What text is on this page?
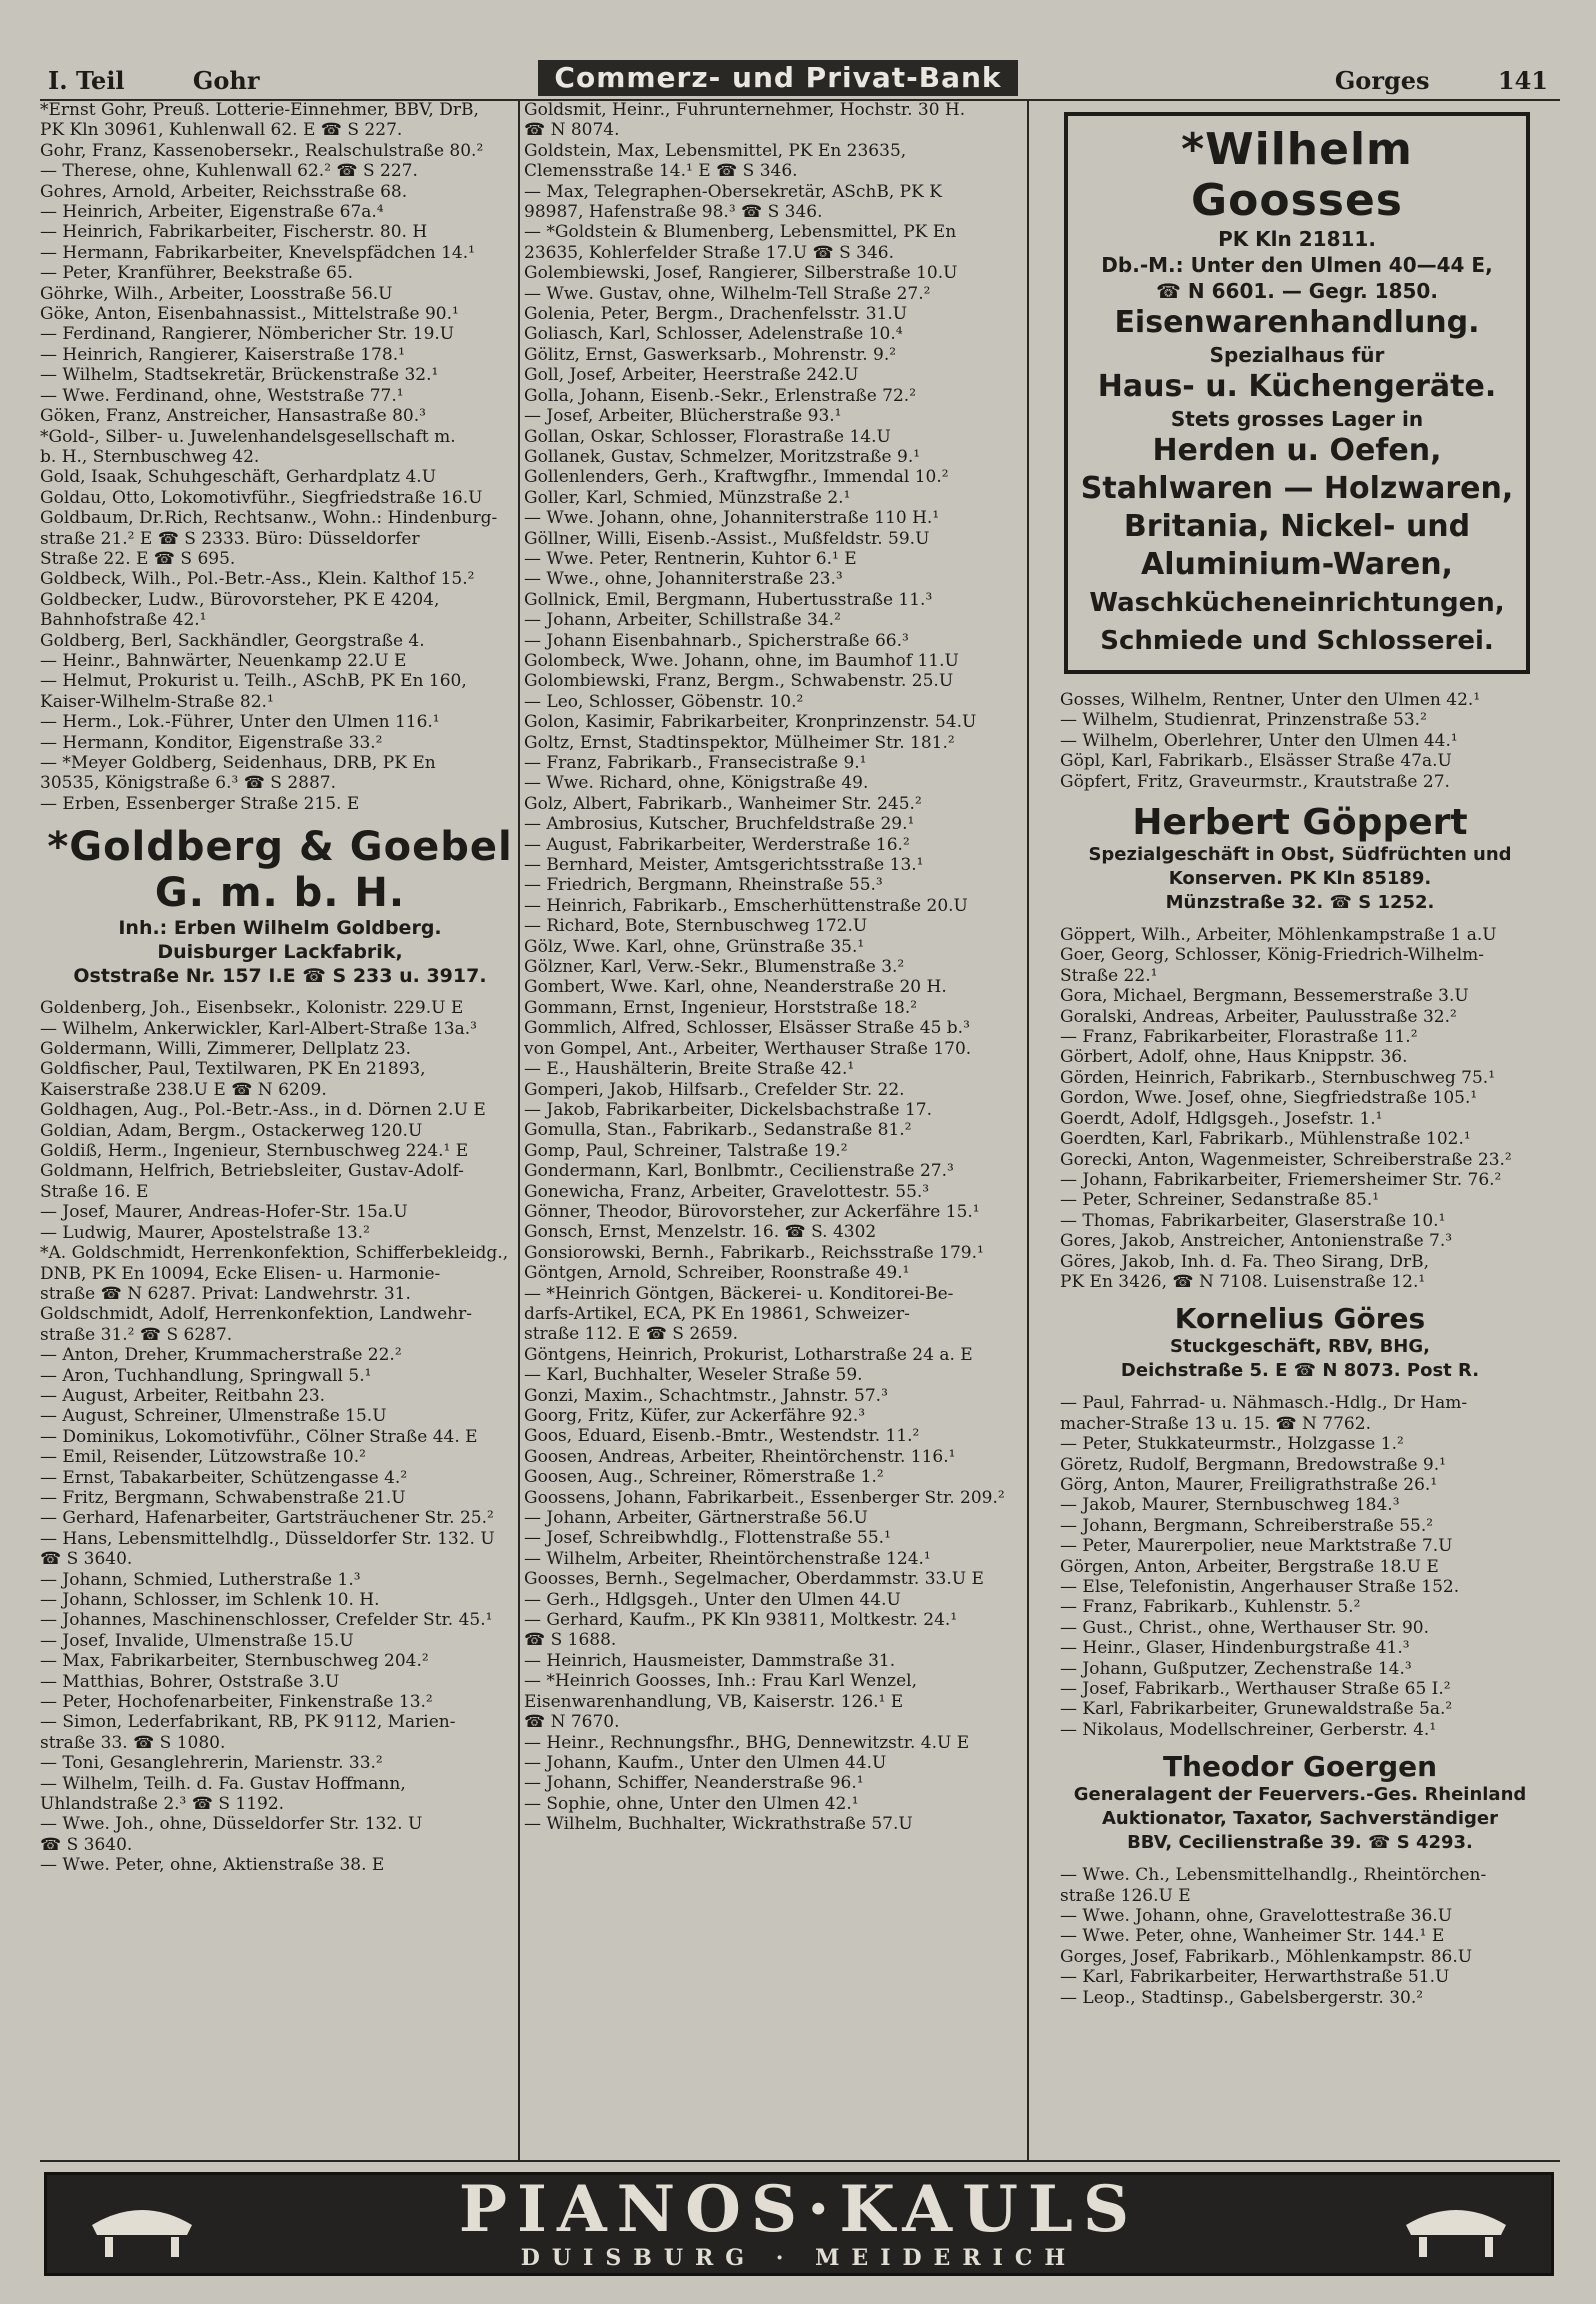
I. Teil	Gohr	Commerz- und Privat-Bank	Gorges	141
*Ernst Gohr, Preuß. Lotterie-Einnehmer, BBV, DrB,
PK Kln 30961, Kuhlenwall 62. E ☎ S 227.
Gohr, Franz, Kassenobersekr., Realschulstraße 80.²
— Therese, ohne, Kuhlenwall 62.² ☎ S 227.
Gohres, Arnold, Arbeiter, Reichsstraße 68.
— Heinrich, Arbeiter, Eigenstraße 67a.⁴
— Heinrich, Fabrikarbeiter, Fischerstr. 80. H
— Hermann, Fabrikarbeiter, Knevelspfädchen 14.¹
— Peter, Kranführer, Beekstraße 65.
Göhrke, Wilh., Arbeiter, Loosstraße 56.U
Göke, Anton, Eisenbahnassist., Mittelstraße 90.¹
— Ferdinand, Rangierer, Nömbericher Str. 19.U
— Heinrich, Rangierer, Kaiserstraße 178.¹
— Wilhelm, Stadtsekretär, Brückenstraße 32.¹
— Wwe. Ferdinand, ohne, Weststraße 77.¹
Göken, Franz, Anstreicher, Hansastraße 80.³
*Gold-, Silber- u. Juwelenhandelsgesellschaft m.
b. H., Sternbuschweg 42.
Gold, Isaak, Schuhgeschäft, Gerhardplatz 4.U
Goldau, Otto, Lokomotivführ., Siegfriedstraße 16.U
Goldbaum, Dr.Rich, Rechtsanw., Wohn.: Hindenburg-
straße 21.² E ☎ S 2333. Büro: Düsseldorfer
Straße 22. E ☎ S 695.
Goldbeck, Wilh., Pol.-Betr.-Ass., Klein. Kalthof 15.²
Goldbecker, Ludw., Bürovorsteher, PK E 4204,
Bahnhofstraße 42.¹
Goldberg, Berl, Sackhändler, Georgstraße 4.
— Heinr., Bahnwärter, Neuenkamp 22.U E
— Helmut, Prokurist u. Teilh., ASchB, PK En 160,
Kaiser-Wilhelm-Straße 82.¹
— Herm., Lok.-Führer, Unter den Ulmen 116.¹
— Hermann, Konditor, Eigenstraße 33.²
— *Meyer Goldberg, Seidenhaus, DRB, PK En
30535, Königstraße 6.³ ☎ S 2887.
— Erben, Essenberger Straße 215. E
*Goldberg & Goebel G. m. b. H.
Inh.: Erben Wilhelm Goldberg.
Duisburger Lackfabrik,
Oststraße Nr. 157 I.E ☎ S 233 u. 3917.
Goldenberg, Joh., Eisenbsekr., Kolonistr. 229.U E
— Wilhelm, Ankerwickler, Karl-Albert-Straße 13a.³
Goldermann, Willi, Zimmerer, Dellplatz 23.
Goldfischer, Paul, Textilwaren, PK En 21893,
Kaiserstraße 238.U E ☎ N 6209.
Goldhagen, Aug., Pol.-Betr.-Ass., in d. Dörnen 2.U E
Goldian, Adam, Bergm., Ostackerweg 120.U
Goldiß, Herm., Ingenieur, Sternbuschweg 224.¹ E
Goldmann, Helfrich, Betriebsleiter, Gustav-Adolf-
Straße 16. E
— Josef, Maurer, Andreas-Hofer-Str. 15a.U
— Ludwig, Maurer, Apostelstraße 13.²
*A. Goldschmidt, Herrenkonfektion, Schifferbekleidg.,
DNB, PK En 10094, Ecke Elisen- u. Harmonie-
straße ☎ N 6287. Privat: Landwehrstr. 31.
Goldschmidt, Adolf, Herrenkonfektion, Landwehr-
straße 31.² ☎ S 6287.
— Anton, Dreher, Krummacherstraße 22.²
— Aron, Tuchhandlung, Springwall 5.¹
— August, Arbeiter, Reitbahn 23.
— August, Schreiner, Ulmenstraße 15.U
— Dominikus, Lokomotivführ., Cölner Straße 44. E
— Emil, Reisender, Lützowstraße 10.²
— Ernst, Tabakarbeiter, Schützengasse 4.²
— Fritz, Bergmann, Schwabenstraße 21.U
— Gerhard, Hafenarbeiter, Gartsträuchener Str. 25.²
— Hans, Lebensmittelhdlg., Düsseldorfer Str. 132. U
☎ S 3640.
— Johann, Schmied, Lutherstraße 1.³
— Johann, Schlosser, im Schlenk 10. H.
— Johannes, Maschinenschlosser, Crefelder Str. 45.¹
— Josef, Invalide, Ulmenstraße 15.U
— Max, Fabrikarbeiter, Sternbuschweg 204.²
— Matthias, Bohrer, Oststraße 3.U
— Peter, Hochofenarbeiter, Finkenstraße 13.²
— Simon, Lederfabrikant, RB, PK 9112, Marien-
straße 33. ☎ S 1080.
— Toni, Gesanglehrerin, Marienstr. 33.²
— Wilhelm, Teilh. d. Fa. Gustav Hoffmann,
Uhlandstraße 2.³ ☎ S 1192.
— Wwe. Joh., ohne, Düsseldorfer Str. 132. U
☎ S 3640.
— Wwe. Peter, ohne, Aktienstraße 38. E
Goldsmit, Heinr., Fuhrunternehmer, Hochstr. 30 H.
☎ N 8074.
Goldstein, Max, Lebensmittel, PK En 23635,
Clemensstraße 14.¹ E ☎ S 346.
— Max, Telegraphen-Obersekretär, ASchB, PK K
98987, Hafenstraße 98.³ ☎ S 346.
— *Goldstein & Blumenberg, Lebensmittel, PK En
23635, Kohlerfelder Straße 17.U ☎ S 346.
Golembiewski, Josef, Rangierer, Silberstraße 10.U
— Wwe. Gustav, ohne, Wilhelm-Tell Straße 27.²
Golenia, Peter, Bergm., Drachenfelsstr. 31.U
Goliasch, Karl, Schlosser, Adelenstraße 10.⁴
Gölitz, Ernst, Gaswerksarb., Mohrenstr. 9.²
Goll, Josef, Arbeiter, Heerstraße 242.U
Golla, Johann, Eisenb.-Sekr., Erlenstraße 72.²
— Josef, Arbeiter, Blücherstraße 93.¹
Gollan, Oskar, Schlosser, Florastraße 14.U
Gollanek, Gustav, Schmelzer, Moritzstraße 9.¹
Gollenlenders, Gerh., Kraftwgfhr., Immendal 10.²
Goller, Karl, Schmied, Münzstraße 2.¹
— Wwe. Johann, ohne, Johanniterstraße 110 H.¹
Göllner, Willi, Eisenb.-Assist., Mußfeldstr. 59.U
— Wwe. Peter, Rentnerin, Kuhtor 6.¹ E
— Wwe., ohne, Johanniterstraße 23.³
Gollnick, Emil, Bergmann, Hubertusstraße 11.³
— Johann, Arbeiter, Schillstraße 34.²
— Johann Eisenbahnarb., Spicherstraße 66.³
Golombeck, Wwe. Johann, ohne, im Baumhof 11.U
Golombiewski, Franz, Bergm., Schwabenstr. 25.U
— Leo, Schlosser, Göbenstr. 10.²
Golon, Kasimir, Fabrikarbeiter, Kronprinzenstr. 54.U
Goltz, Ernst, Stadtinspektor, Mülheimer Str. 181.²
— Franz, Fabrikarb., Fransecistraße 9.¹
— Wwe. Richard, ohne, Königstraße 49.
Golz, Albert, Fabrikarb., Wanheimer Str. 245.²
— Ambrosius, Kutscher, Bruchfeldstraße 29.¹
— August, Fabrikarbeiter, Werderstraße 16.²
— Bernhard, Meister, Amtsgerichtsstraße 13.¹
— Friedrich, Bergmann, Rheinstraße 55.³
— Heinrich, Fabrikarb., Emscherhüttenstraße 20.U
— Richard, Bote, Sternbuschweg 172.U
Gölz, Wwe. Karl, ohne, Grünstraße 35.¹
Gölzner, Karl, Verw.-Sekr., Blumenstraße 3.²
Gombert, Wwe. Karl, ohne, Neanderstraße 20 H.
Gommann, Ernst, Ingenieur, Horststraße 18.²
Gommlich, Alfred, Schlosser, Elsässer Straße 45 b.³
von Gompel, Ant., Arbeiter, Werthauser Straße 170.
— E., Haushälterin, Breite Straße 42.¹
Gomperi, Jakob, Hilfsarb., Crefelder Str. 22.
— Jakob, Fabrikarbeiter, Dickelsbachstraße 17.
Gomulla, Stan., Fabrikarb., Sedanstraße 81.²
Gomp, Paul, Schreiner, Talstraße 19.²
Gondermann, Karl, Bonlbmtr., Cecilienstraße 27.³
Gonewicha, Franz, Arbeiter, Gravelottestr. 55.³
Gönner, Theodor, Bürovorsteher, zur Ackerfähre 15.¹
Gonsch, Ernst, Menzelstr. 16. ☎ S. 4302
Gonsiorowski, Bernh., Fabrikarb., Reichsstraße 179.¹
Göntgen, Arnold, Schreiber, Roonstraße 49.¹
— *Heinrich Göntgen, Bäckerei- u. Konditorei-Be-
darfs-Artikel, ECA, PK En 19861, Schweizer-
straße 112. E ☎ S 2659.
Göntgens, Heinrich, Prokurist, Lotharstraße 24 a. E
— Karl, Buchhalter, Weseler Straße 59.
Gonzi, Maxim., Schachtmstr., Jahnstr. 57.³
Goorg, Fritz, Küfer, zur Ackerfähre 92.³
Goos, Eduard, Eisenb.-Bmtr., Westendstr. 11.²
Goosen, Andreas, Arbeiter, Rheintörchenstr. 116.¹
Goosen, Aug., Schreiner, Römerstraße 1.²
Goossens, Johann, Fabrikarbeit., Essenberger Str. 209.²
— Johann, Arbeiter, Gärtnerstraße 56.U
— Josef, Schreibwhdlg., Flottenstraße 55.¹
— Wilhelm, Arbeiter, Rheintörchenstraße 124.¹
Goosses, Bernh., Segelmacher, Oberdammstr. 33.U E
— Gerh., Hdlgsgeh., Unter den Ulmen 44.U
— Gerhard, Kaufm., PK Kln 93811, Moltkestr. 24.¹
☎ S 1688.
— Heinrich, Hausmeister, Dammstraße 31.
— *Heinrich Goosses, Inh.: Frau Karl Wenzel,
Eisenwarenhandlung, VB, Kaiserstr. 126.¹ E
☎ N 7670.
— Heinr., Rechnungsfhr., BHG, Dennewitzstr. 4.U E
— Johann, Kaufm., Unter den Ulmen 44.U
— Johann, Schiffer, Neanderstraße 96.¹
— Sophie, ohne, Unter den Ulmen 42.¹
— Wilhelm, Buchhalter, Wickrathstraße 57.U
*Wilhelm Goosses
PK Kln 21811.
Db.-M.: Unter den Ulmen 40—44 E,
☎ N 6601. — Gegr. 1850.
Eisenwarenhandlung.
Spezialhaus für
Haus- u. Küchengeräte.
Stets grosses Lager in
Herden u. Oefen,
Stahlwaren — Holzwaren,
Britania, Nickel- und
Aluminium-Waren,
Waschkücheneinrichtungen,
Schmiede und Schlosserei.
Gosses, Wilhelm, Rentner, Unter den Ulmen 42.¹
— Wilhelm, Studienrat, Prinzenstraße 53.²
— Wilhelm, Oberlehrer, Unter den Ulmen 44.¹
Göpl, Karl, Fabrikarb., Elsässer Straße 47a.U
Göpfert, Fritz, Graveurmstr., Krautstraße 27.
Herbert Göppert
Spezialgeschäft in Obst, Südfrüchten und
Konserven. PK Kln 85189.
Münzstraße 32. ☎ S 1252.
Göppert, Wilh., Arbeiter, Möhlenkampstraße 1 a.U
Goer, Georg, Schlosser, König-Friedrich-Wilhelm-
Straße 22.¹
Gora, Michael, Bergmann, Bessemerstraße 3.U
Goralski, Andreas, Arbeiter, Paulusstraße 32.²
— Franz, Fabrikarbeiter, Florastraße 11.²
Görbert, Adolf, ohne, Haus Knippstr. 36.
Görden, Heinrich, Fabrikarb., Sternbuschweg 75.¹
Gordon, Wwe. Josef, ohne, Siegfriedstraße 105.¹
Goerdt, Adolf, Hdlgsgeh., Josefstr. 1.¹
Goerdten, Karl, Fabrikarb., Mühlenstraße 102.¹
Gorecki, Anton, Wagenmeister, Schreiberstraße 23.²
— Johann, Fabrikarbeiter, Friemersheimer Str. 76.²
— Peter, Schreiner, Sedanstraße 85.¹
— Thomas, Fabrikarbeiter, Glaserstraße 10.¹
Gores, Jakob, Anstreicher, Antonienstraße 7.³
Göres, Jakob, Inh. d. Fa. Theo Sirang, DrB,
PK En 3426, ☎ N 7108. Luisenstraße 12.¹
Kornelius Göres
Stuckgeschäft, RBV, BHG,
Deichstraße 5. E ☎ N 8073. Post R.
— Paul, Fahrrad- u. Nähmasch.-Hdlg., Dr Ham-
macher-Straße 13 u. 15. ☎ N 7762.
— Peter, Stukkateurmstr., Holzgasse 1.²
Göretz, Rudolf, Bergmann, Bredowstraße 9.¹
Görg, Anton, Maurer, Freiligrathstraße 26.¹
— Jakob, Maurer, Sternbuschweg 184.³
— Johann, Bergmann, Schreiberstraße 55.²
— Peter, Maurerpolier, neue Marktstraße 7.U
Görgen, Anton, Arbeiter, Bergstraße 18.U E
— Else, Telefonistin, Angerhauser Straße 152.
— Franz, Fabrikarb., Kuhlenstr. 5.²
— Gust., Christ., ohne, Werthauser Str. 90.
— Heinr., Glaser, Hindenburgstraße 41.³
— Johann, Gußputzer, Zechenstraße 14.³
— Josef, Fabrikarb., Werthauser Straße 65 I.²
— Karl, Fabrikarbeiter, Grunewaldstraße 5a.²
— Nikolaus, Modellschreiner, Gerberstr. 4.¹
Theodor Goergen
Generalagent der Feuervers.-Ges. Rheinland
Auktionator, Taxator, Sachverständiger
BBV, Cecilienstraße 39. ☎ S 4293.
— Wwe. Ch., Lebensmittelhandlg., Rheintörchen-
straße 126.U E
— Wwe. Johann, ohne, Gravelottestraße 36.U
— Wwe. Peter, ohne, Wanheimer Str. 144.¹ E
Gorges, Josef, Fabrikarb., Möhlenkampstr. 86.U
— Karl, Fabrikarbeiter, Herwarthstraße 51.U
— Leop., Stadtinsp., Gabelsbergerstr. 30.²
PIANOS·KAULS
DUISBURG · MEIDERICH
